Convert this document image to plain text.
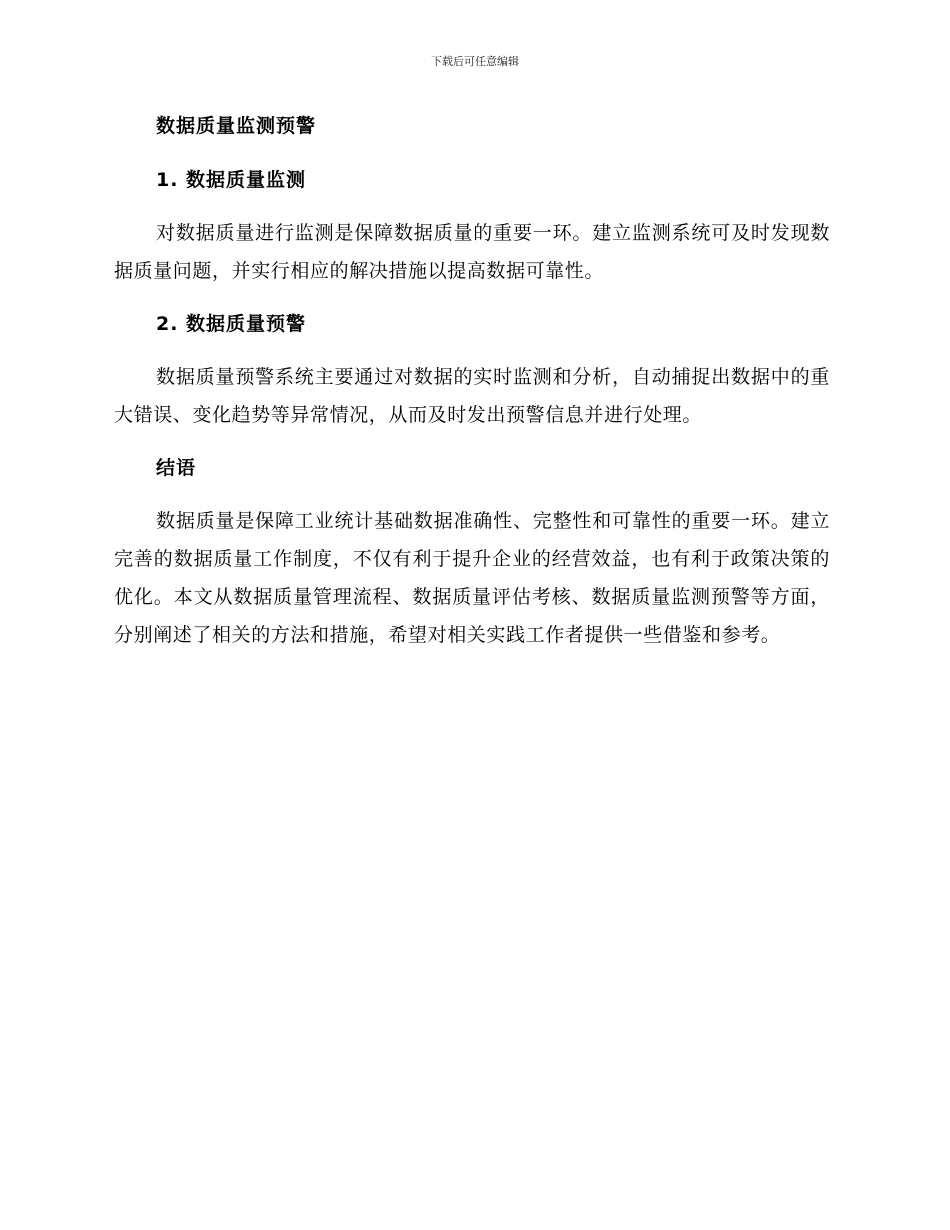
下载后可任意编辑
数据质量监测预警
1. 数据质量监测

对数据质量进行监测是保障数据质量的重要一环。建立监测系统可及时发现数据质量问题，并实行相应的解决措施以提高数据可靠性。

2. 数据质量预警

数据质量预警系统主要通过对数据的实时监测和分析，自动捕捉出数据中的重大错误、变化趋势等异常情况，从而及时发出预警信息并进行处理。

结语

数据质量是保障工业统计基础数据准确性、完整性和可靠性的重要一环。建立完善的数据质量工作制度，不仅有利于提升企业的经营效益，也有利于政策决策的优化。本文从数据质量管理流程、数据质量评估考核、数据质量监测预警等方面，分别阐述了相关的方法和措施，希望对相关实践工作者提供一些借鉴和参考。
